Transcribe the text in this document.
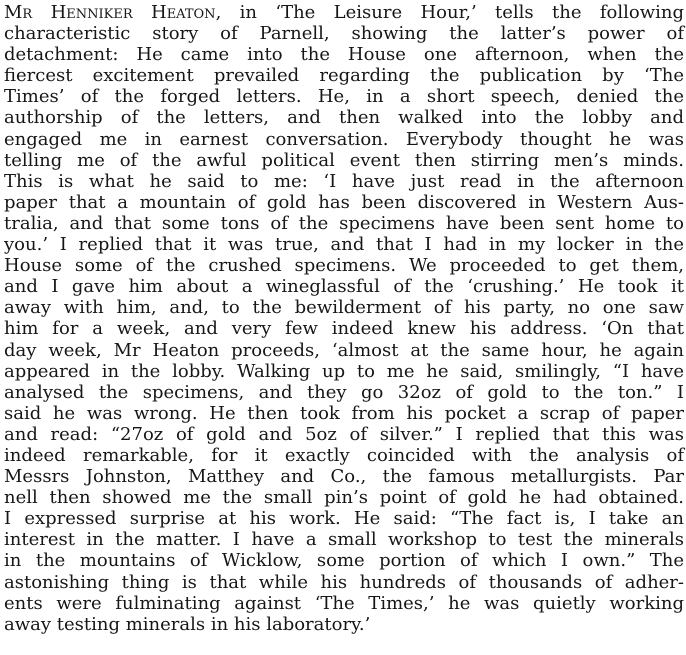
Mr Henniker Heaton, in ‘The Leisure Hour,’ tells the following
characteristic story of Parnell, showing the latter’s power of
detachment: He came into the House one afternoon, when the
fiercest excitement prevailed regarding the publication by ‘The
Times’ of the forged letters. He, in a short speech, denied the
authorship of the letters, and then walked into the lobby and
engaged me in earnest conversation. Everybody thought he was
telling me of the awful political event then stirring men’s minds.
This is what he said to me: ‘I have just read in the afternoon
paper that a mountain of gold has been discovered in Western Aus-
tralia, and that some tons of the specimens have been sent home to
you.’ I replied that it was true, and that I had in my locker in the
House some of the crushed specimens. We proceeded to get them,
and I gave him about a wineglassful of the ‘crushing.’ He took it
away with him, and, to the bewilderment of his party, no one saw
him for a week, and very few indeed knew his address. ‘On that
day week, Mr Heaton proceeds, ‘almost at the same hour, he again
appeared in the lobby. Walking up to me he said, smilingly, “I have
analysed the specimens, and they go 32oz of gold to the ton.” I
said he was wrong. He then took from his pocket a scrap of paper
and read: “27oz of gold and 5oz of silver.” I replied that this was
indeed remarkable, for it exactly coincided with the analysis of
Messrs Johnston, Matthey and Co., the famous metallurgists. Par
nell then showed me the small pin’s point of gold he had obtained.
I expressed surprise at his work. He said: “The fact is, I take an
interest in the matter. I have a small workshop to test the minerals
in the mountains of Wicklow, some portion of which I own.” The
astonishing thing is that while his hundreds of thousands of adher-
ents were fulminating against ‘The Times,’ he was quietly working
away testing minerals in his laboratory.’
